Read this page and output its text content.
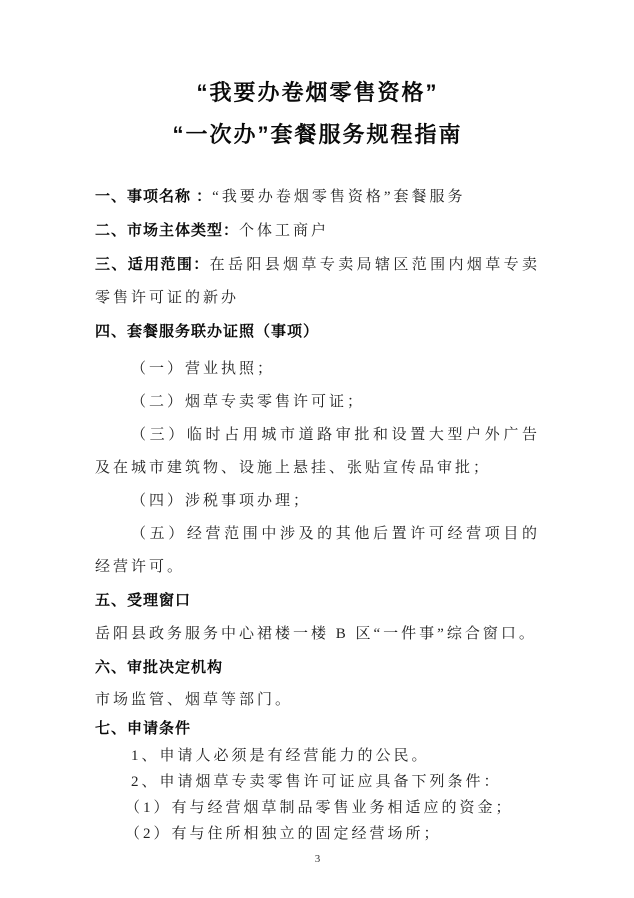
“我要办卷烟零售资格”
“一次办”套餐服务规程指南

一、事项名称 ：“我要办卷烟零售资格”套餐服务

二、市场主体类型：个体工商户

三、适用范围：在岳阳县烟草专卖局辖区范围内烟草专卖零售许可证的新办

四、套餐服务联办证照（事项）

（一）营业执照；

（二）烟草专卖零售许可证；

（三）临时占用城市道路审批和设置大型户外广告及在城市建筑物、设施上悬挂、张贴宣传品审批；

（四）涉税事项办理；

（五）经营范围中涉及的其他后置许可经营项目的经营许可。

五、受理窗口

岳阳县政务服务中心裙楼一楼 B 区“一件事”综合窗口。

六、审批决定机构

市场监管、烟草等部门。

七、申请条件

1、申请人必须是有经营能力的公民。

2、申请烟草专卖零售许可证应具备下列条件：

（1）有与经营烟草制品零售业务相适应的资金；

（2）有与住所相独立的固定经营场所；

3
